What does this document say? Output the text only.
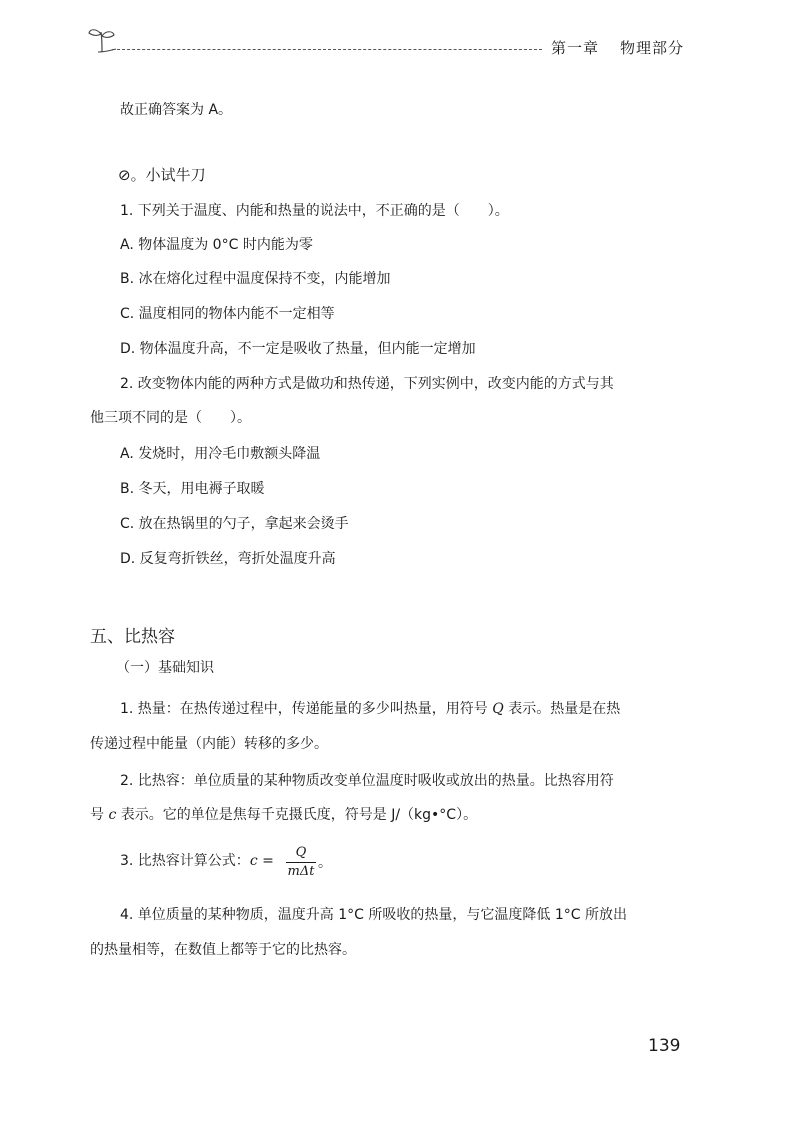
第一章 物理部分
故正确答案为 A。
⊘。小试牛刀
1. 下列关于温度、内能和热量的说法中，不正确的是（　　）。
A. 物体温度为 0°C 时内能为零
B. 冰在熔化过程中温度保持不变，内能增加
C. 温度相同的物体内能不一定相等
D. 物体温度升高，不一定是吸收了热量，但内能一定增加
2. 改变物体内能的两种方式是做功和热传递，下列实例中，改变内能的方式与其
他三项不同的是（　　）。
A. 发烧时，用冷毛巾敷额头降温
B. 冬天，用电褥子取暖
C. 放在热锅里的勺子，拿起来会烫手
D. 反复弯折铁丝，弯折处温度升高
五、比热容
（一）基础知识
1. 热量：在热传递过程中，传递能量的多少叫热量，用符号 Q 表示。热量是在热
传递过程中能量（内能）转移的多少。
2. 比热容：单位质量的某种物质改变单位温度时吸收或放出的热量。比热容用符
号 c 表示。它的单位是焦每千克摄氏度，符号是 J/（kg•°C）。
3. 比热容计算公式：c =
Q
mΔt
。
4. 单位质量的某种物质，温度升高 1°C 所吸收的热量，与它温度降低 1°C 所放出
的热量相等，在数值上都等于它的比热容。
139
